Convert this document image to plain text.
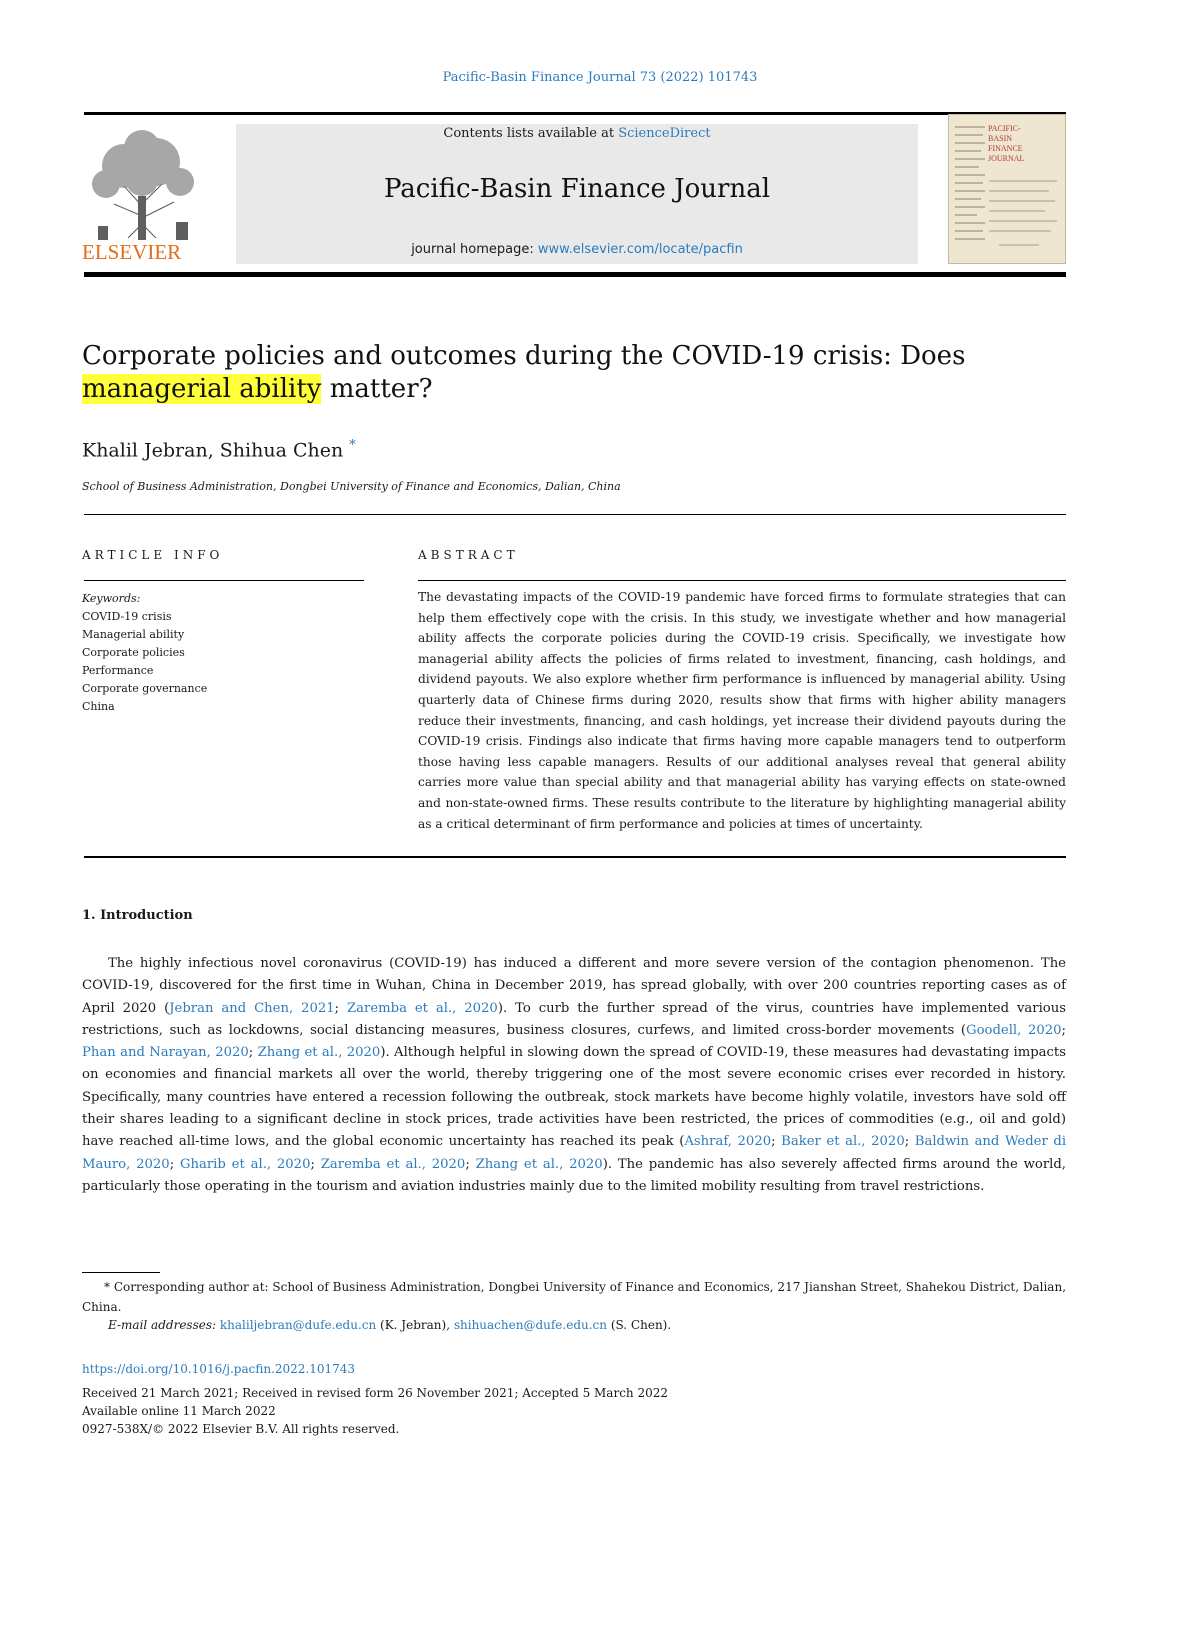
Pacific-Basin Finance Journal 73 (2022) 101743
ELSEVIER
Contents lists available at ScienceDirect
Pacific-Basin Finance Journal
journal homepage: www.elsevier.com/locate/pacfin
PACIFIC-
BASIN
FINANCE
JOURNAL
Corporate policies and outcomes during the COVID-19 crisis: Does managerial ability matter?
Khalil Jebran, Shihua Chen *
School of Business Administration, Dongbei University of Finance and Economics, Dalian, China
ARTICLE INFO	ABSTRACT
Keywords:
COVID-19 crisis
Managerial ability
Corporate policies
Performance
Corporate governance
China
The devastating impacts of the COVID-19 pandemic have forced firms to formulate strategies that can help them effectively cope with the crisis. In this study, we investigate whether and how managerial ability affects the corporate policies during the COVID-19 crisis. Specifically, we investigate how managerial ability affects the policies of firms related to investment, financing, cash holdings, and dividend payouts. We also explore whether firm performance is influenced by managerial ability. Using quarterly data of Chinese firms during 2020, results show that firms with higher ability managers reduce their investments, financing, and cash holdings, yet increase their dividend payouts during the COVID-19 crisis. Findings also indicate that firms having more capable managers tend to outperform those having less capable managers. Results of our additional analyses reveal that general ability carries more value than special ability and that managerial ability has varying effects on state-owned and non-state-owned firms. These results contribute to the literature by highlighting managerial ability as a critical determinant of firm performance and policies at times of uncertainty.
1. Introduction
The highly infectious novel coronavirus (COVID-19) has induced a different and more severe version of the contagion phenomenon. The COVID-19, discovered for the first time in Wuhan, China in December 2019, has spread globally, with over 200 countries reporting cases as of April 2020 (Jebran and Chen, 2021; Zaremba et al., 2020). To curb the further spread of the virus, countries have implemented various restrictions, such as lockdowns, social distancing measures, business closures, curfews, and limited cross-border movements (Goodell, 2020; Phan and Narayan, 2020; Zhang et al., 2020). Although helpful in slowing down the spread of COVID-19, these measures had devastating impacts on economies and financial markets all over the world, thereby triggering one of the most severe economic crises ever recorded in history. Specifically, many countries have entered a recession following the outbreak, stock markets have become highly volatile, investors have sold off their shares leading to a significant decline in stock prices, trade activities have been restricted, the prices of commodities (e.g., oil and gold) have reached all-time lows, and the global economic uncertainty has reached its peak (Ashraf, 2020; Baker et al., 2020; Baldwin and Weder di Mauro, 2020; Gharib et al., 2020; Zaremba et al., 2020; Zhang et al., 2020). The pandemic has also severely affected firms around the world, particularly those operating in the tourism and aviation industries mainly due to the limited mobility resulting from travel restrictions.
* Corresponding author at: School of Business Administration, Dongbei University of Finance and Economics, 217 Jianshan Street, Shahekou District, Dalian, China.
E-mail addresses: khaliljebran@dufe.edu.cn (K. Jebran), shihuachen@dufe.edu.cn (S. Chen).
https://doi.org/10.1016/j.pacfin.2022.101743
Received 21 March 2021; Received in revised form 26 November 2021; Accepted 5 March 2022
Available online 11 March 2022
0927-538X/© 2022 Elsevier B.V. All rights reserved.
